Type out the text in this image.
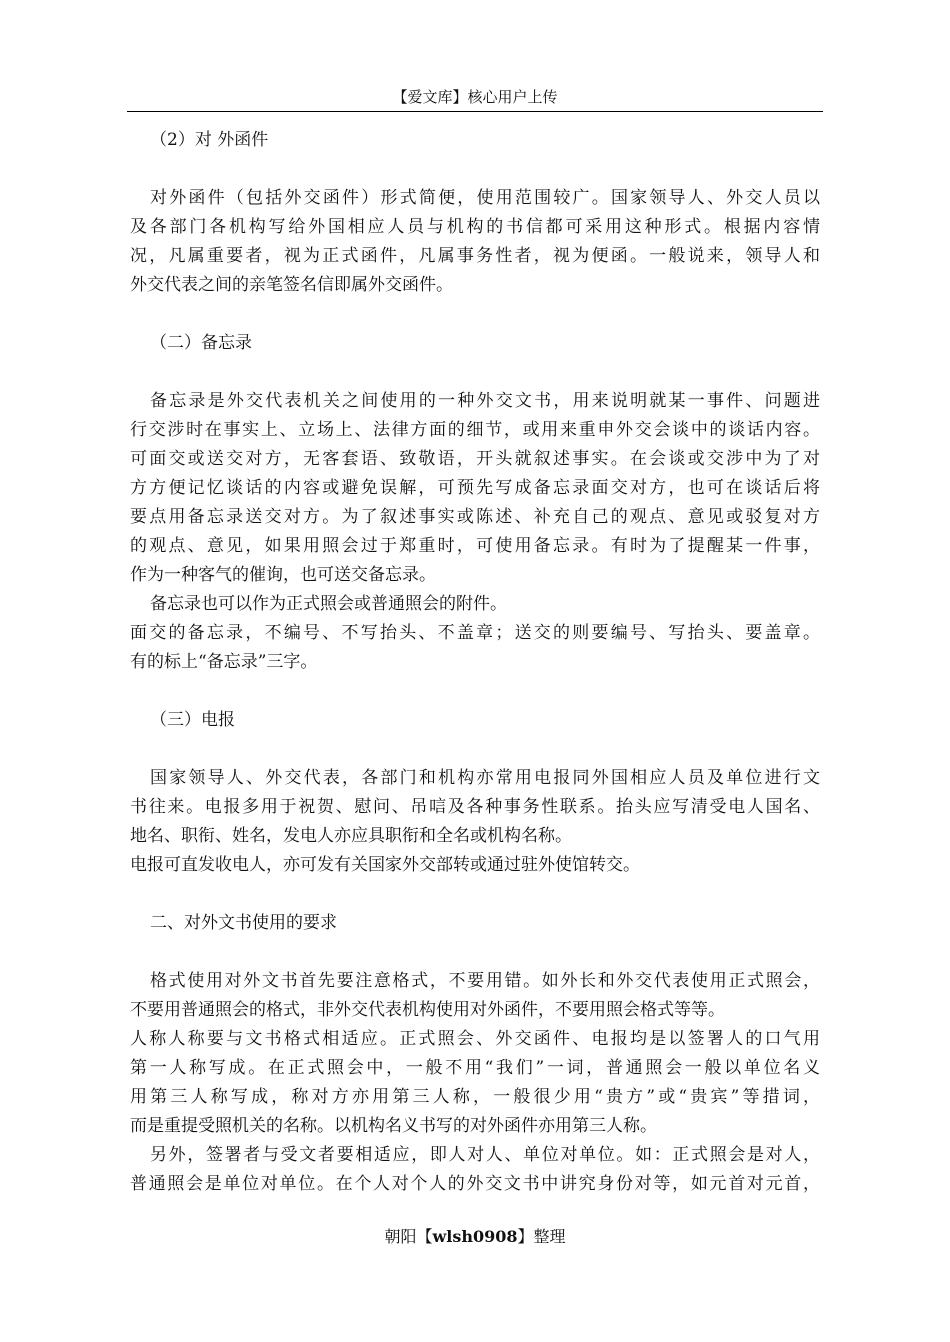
【爱文库】核心用户上传
（2）对 外函件
对外函件（包括外交函件）形式简便，使用范围较广。国家领导人、外交人员以
及各部门各机构写给外国相应人员与机构的书信都可采用这种形式。根据内容情
况，凡属重要者，视为正式函件，凡属事务性者，视为便函。一般说来，领导人和
外交代表之间的亲笔签名信即属外交函件。
（二）备忘录
备忘录是外交代表机关之间使用的一种外交文书，用来说明就某一事件、问题进
行交涉时在事实上、立场上、法律方面的细节，或用来重申外交会谈中的谈话内容。
可面交或送交对方，无客套语、致敬语，开头就叙述事实。在会谈或交涉中为了对
方方便记忆谈话的内容或避免误解，可预先写成备忘录面交对方，也可在谈话后将
要点用备忘录送交对方。为了叙述事实或陈述、补充自己的观点、意见或驳复对方
的观点、意见，如果用照会过于郑重时，可使用备忘录。有时为了提醒某一件事，
作为一种客气的催询，也可送交备忘录。
备忘录也可以作为正式照会或普通照会的附件。
面交的备忘录，不编号、不写抬头、不盖章；送交的则要编号、写抬头、要盖章。
有的标上“备忘录”三字。
（三）电报
国家领导人、外交代表，各部门和机构亦常用电报同外国相应人员及单位进行文
书往来。电报多用于祝贺、慰问、吊唁及各种事务性联系。抬头应写清受电人国名、
地名、职衔、姓名，发电人亦应具职衔和全名或机构名称。
电报可直发收电人，亦可发有关国家外交部转或通过驻外使馆转交。
二、对外文书使用的要求
格式使用对外文书首先要注意格式，不要用错。如外长和外交代表使用正式照会，
不要用普通照会的格式，非外交代表机构使用对外函件，不要用照会格式等等。
人称人称要与文书格式相适应。正式照会、外交函件、电报均是以签署人的口气用
第一人称写成。在正式照会中，一般不用“我们”一词，普通照会一般以单位名义
用第三人称写成，称对方亦用第三人称，一般很少用“贵方”或“贵宾”等措词，
而是重提受照机关的名称。以机构名义书写的对外函件亦用第三人称。
另外，签署者与受文者要相适应，即人对人、单位对单位。如：正式照会是对人，
普通照会是单位对单位。在个人对个人的外交文书中讲究身份对等，如元首对元首，
朝阳【wlsh0908】整理
